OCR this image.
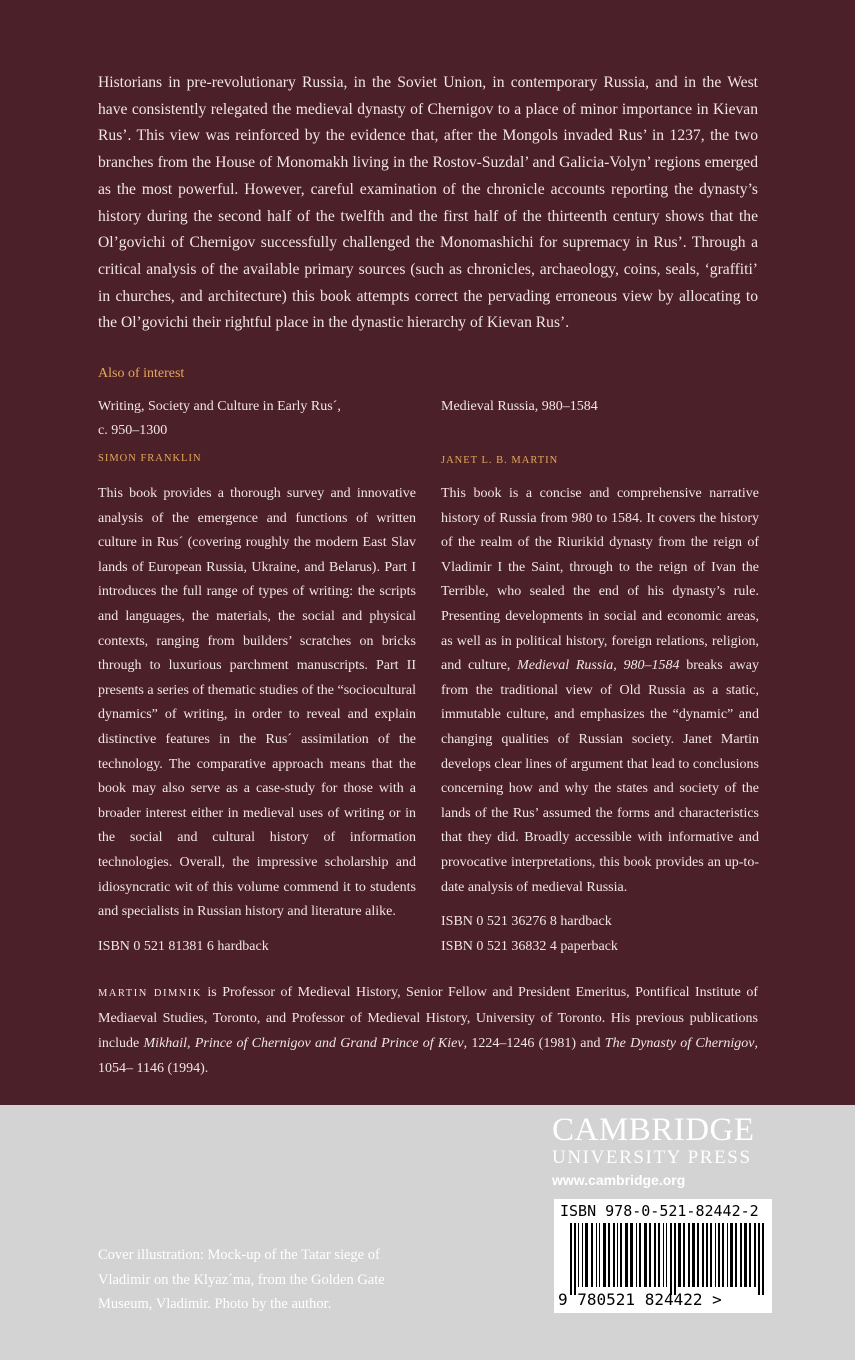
Historians in pre-revolutionary Russia, in the Soviet Union, in contemporary Russia, and in the West have consistently relegated the medieval dynasty of Chernigov to a place of minor importance in Kievan Rus’. This view was reinforced by the evidence that, after the Mongols invaded Rus’ in 1237, the two branches from the House of Monomakh living in the Rostov-Suzdal’ and Galicia-Volyn’ regions emerged as the most powerful. However, careful examination of the chronicle accounts reporting the dynasty’s history during the second half of the twelfth and the first half of the thirteenth century shows that the Ol’govichi of Chernigov successfully challenged the Monomashichi for supremacy in Rus’. Through a critical analysis of the available primary sources (such as chronicles, archaeology, coins, seals, ‘graffiti’ in churches, and architecture) this book attempts correct the pervading erroneous view by allocating to the Ol’govichi their rightful place in the dynastic hierarchy of Kievan Rus’.

Also of interest

Writing, Society and Culture in Early Rus´,
c. 950–1300

SIMON FRANKLIN

This book provides a thorough survey and innovative analysis of the emergence and functions of written culture in Rus´ (covering roughly the modern East Slav lands of European Russia, Ukraine, and Belarus). Part I introduces the full range of types of writing: the scripts and languages, the materials, the social and physical contexts, ranging from builders’ scratches on bricks through to luxurious parchment manuscripts. Part II presents a series of thematic studies of the “sociocultural dynamics” of writing, in order to reveal and explain distinctive features in the Rus´ assimilation of the technology. The comparative approach means that the book may also serve as a case-study for those with a broader interest either in medieval uses of writing or in the social and cultural history of information technologies. Overall, the impressive scholarship and idiosyncratic wit of this volume commend it to students and specialists in Russian history and literature alike.

ISBN 0 521 81381 6 hardback

Medieval Russia, 980–1584

JANET L. B. MARTIN

This book is a concise and comprehensive narrative history of Russia from 980 to 1584. It covers the history of the realm of the Riurikid dynasty from the reign of Vladimir I the Saint, through to the reign of Ivan the Terrible, who sealed the end of his dynasty’s rule. Presenting developments in social and economic areas, as well as in political history, foreign relations, religion, and culture, Medieval Russia, 980–1584 breaks away from the traditional view of Old Russia as a static, immutable culture, and emphasizes the “dynamic” and changing qualities of Russian society. Janet Martin develops clear lines of argument that lead to conclusions concerning how and why the states and society of the lands of the Rus’ assumed the forms and characteristics that they did. Broadly accessible with informative and provocative interpretations, this book provides an up-to-date analysis of medieval Russia.

ISBN 0 521 36276 8 hardback

ISBN 0 521 36832 4 paperback

MARTIN DIMNIK is Professor of Medieval History, Senior Fellow and President Emeritus, Pontifical Institute of Mediaeval Studies, Toronto, and Professor of Medieval History, University of Toronto. His previous publications include Mikhail, Prince of Chernigov and Grand Prince of Kiev, 1224–1246 (1981) and The Dynasty of Chernigov, 1054– 1146 (1994).

Cover illustration: Mock-up of the Tatar siege of Vladimir on the Klyaz´ma, from the Golden Gate Museum, Vladimir. Photo by the author.

CAMBRIDGE
UNIVERSITY PRESS
www.cambridge.org
ISBN 978-0-521-82442-2
9 780521 824422 >
